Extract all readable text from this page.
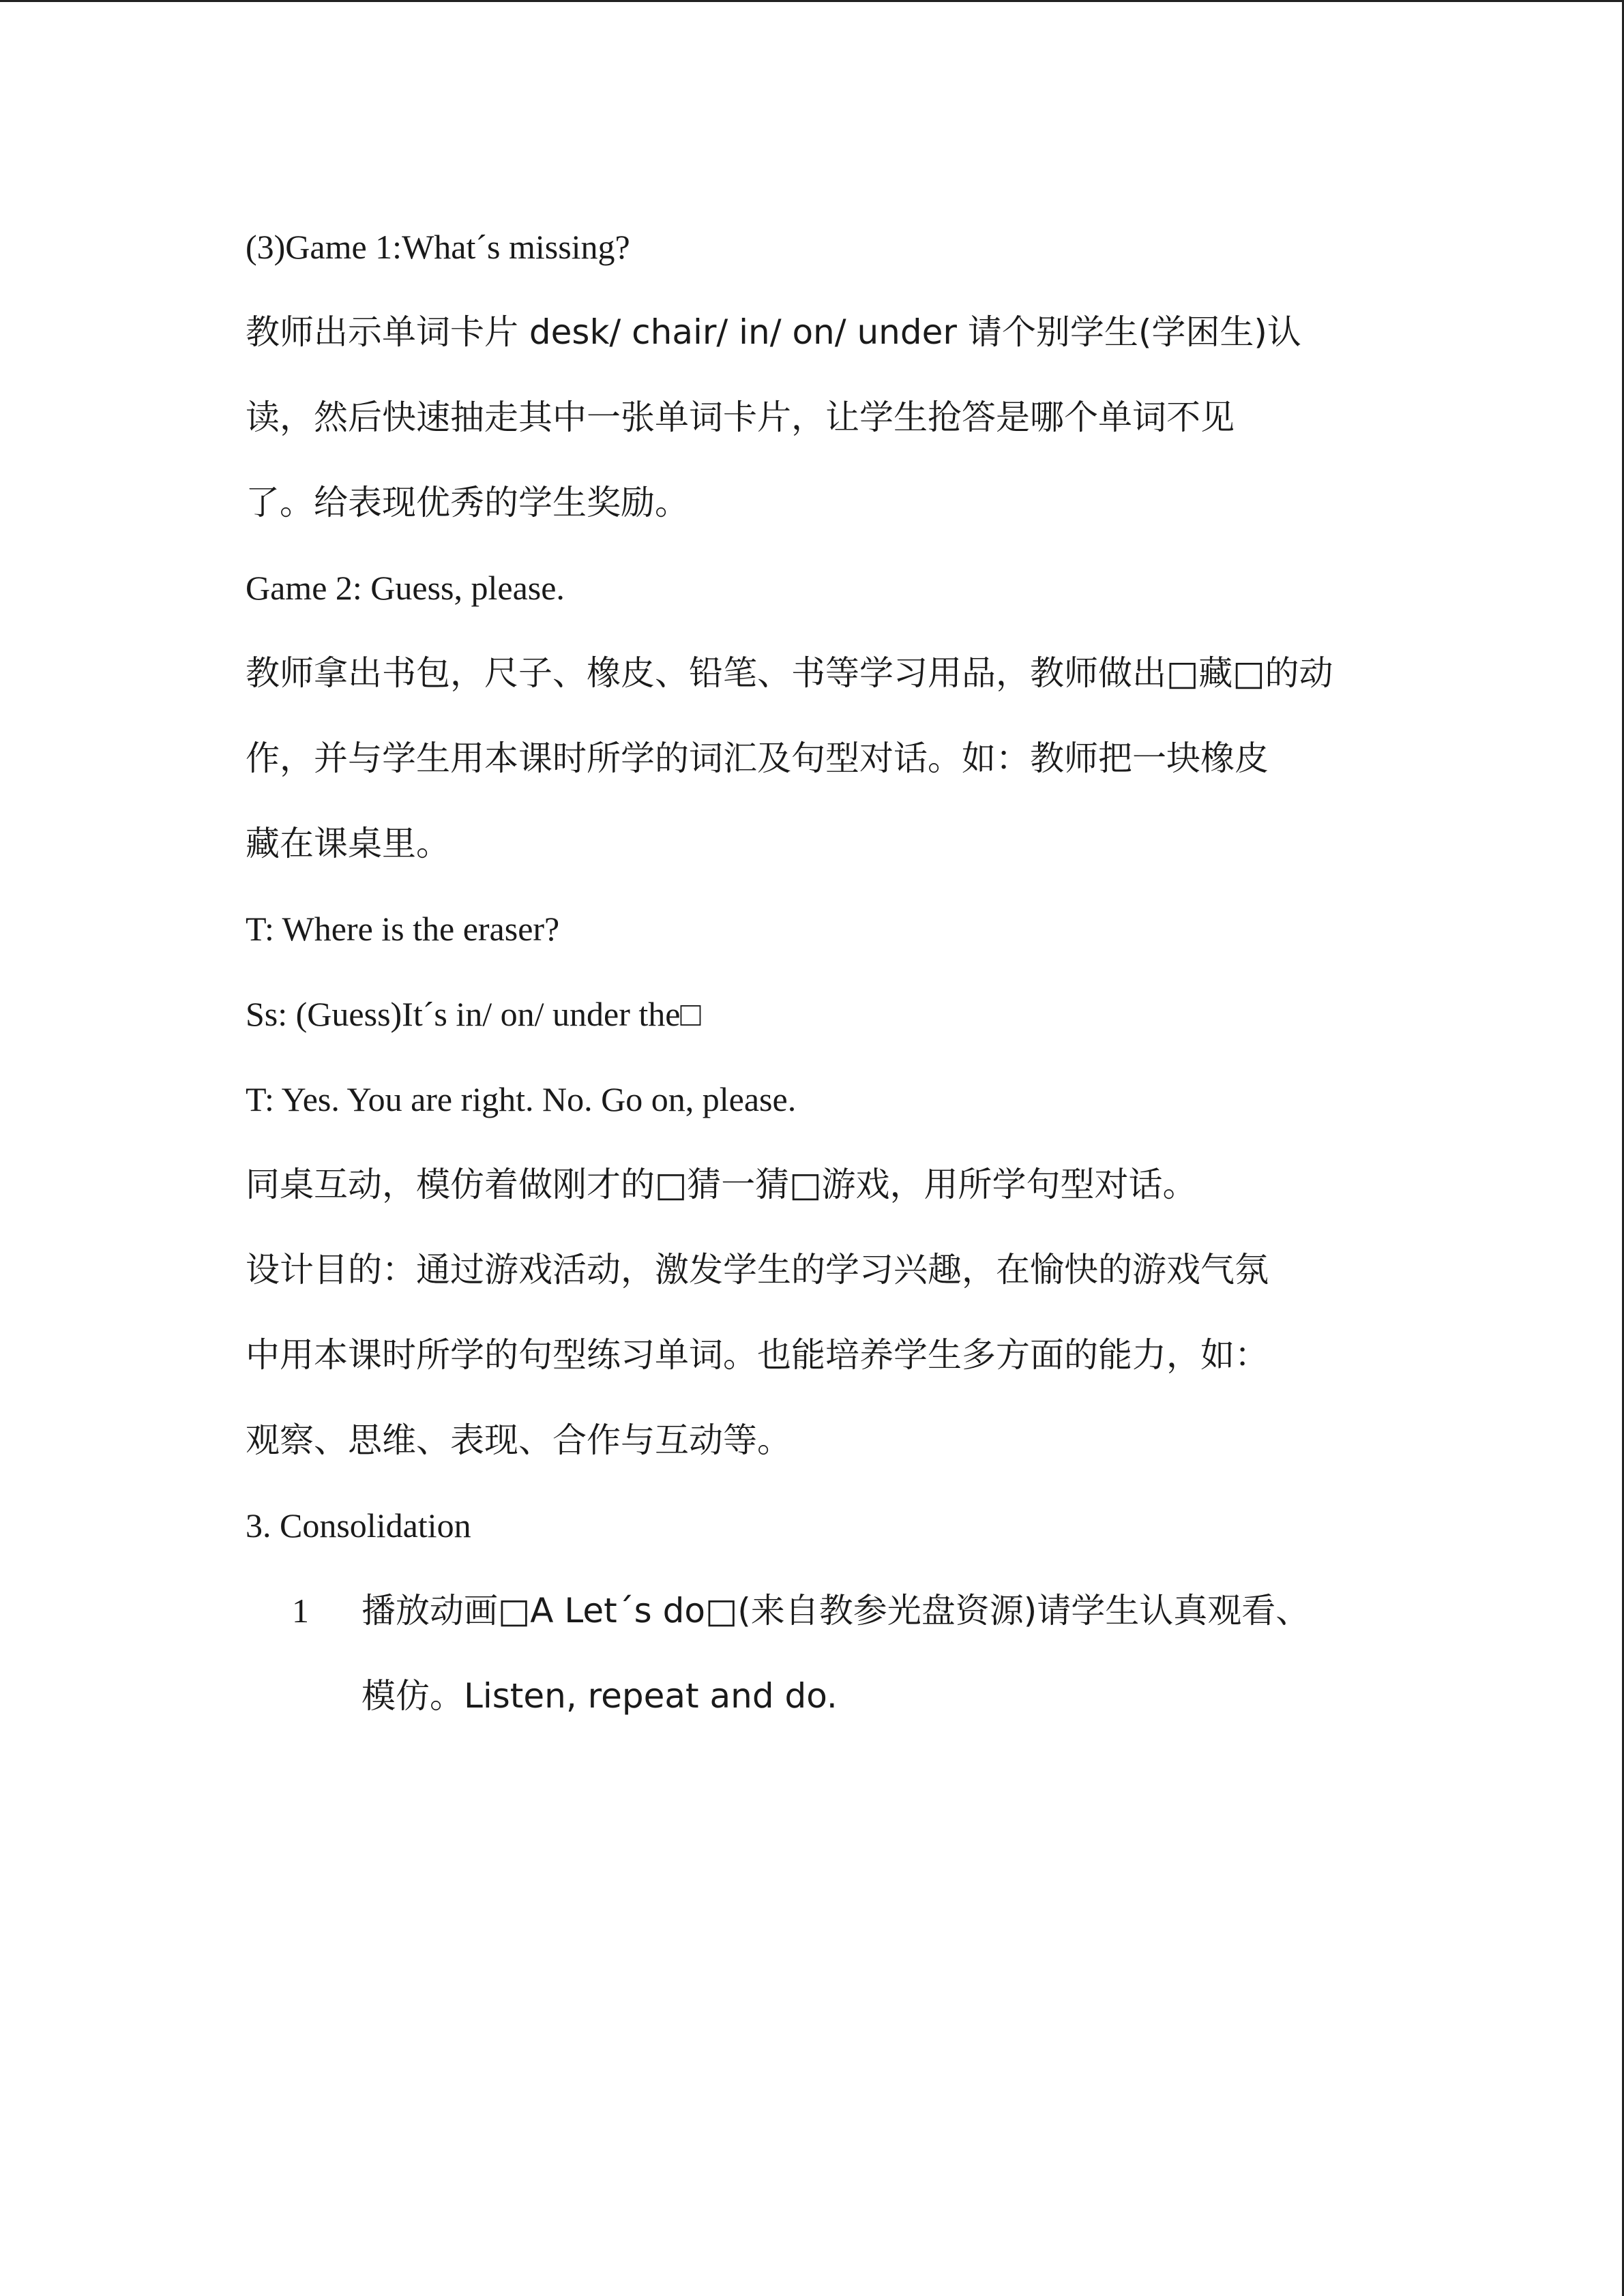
(3)Game 1:What´s missing?
教师出示单词卡片 desk/ chair/ in/ on/ under 请个别学生(学困生)认
读，然后快速抽走其中一张单词卡片，让学生抢答是哪个单词不见
了。给表现优秀的学生奖励。
Game 2: Guess, please.
教师拿出书包，尺子、橡皮、铅笔、书等学习用品，教师做出□藏□的动
作，并与学生用本课时所学的词汇及句型对话。如：教师把一块橡皮
藏在课桌里。
T: Where is the eraser?
Ss: (Guess)It´s in/ on/ under the□
T: Yes. You are right. No. Go on, please.
同桌互动，模仿着做刚才的□猜一猜□游戏，用所学句型对话。
设计目的：通过游戏活动，激发学生的学习兴趣，在愉快的游戏气氛
中用本课时所学的句型练习单词。也能培养学生多方面的能力，如：
观察、思维、表现、合作与互动等。
3. Consolidation
1 播放动画□A Let´s do□(来自教参光盘资源)请学生认真观看、
模仿。Listen, repeat and do.
